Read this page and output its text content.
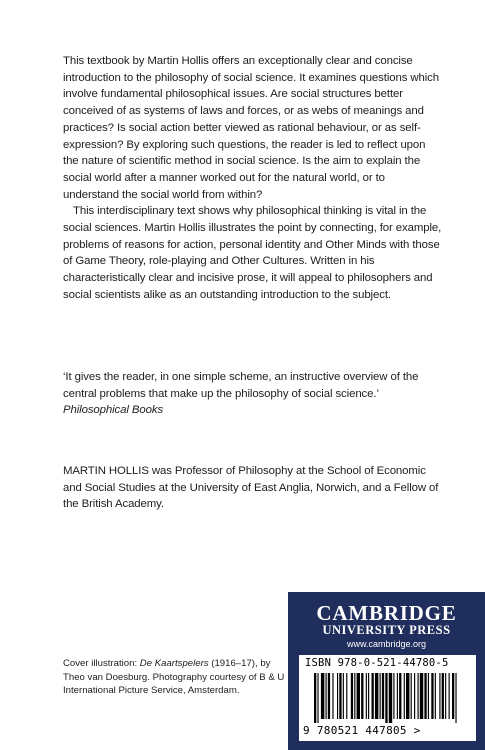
This textbook by Martin Hollis offers an exceptionally clear and concise introduction to the philosophy of social science. It examines questions which involve fundamental philosophical issues. Are social structures better conceived of as systems of laws and forces, or as webs of meanings and practices? Is social action better viewed as rational behaviour, or as self-expression? By exploring such questions, the reader is led to reflect upon the nature of scientific method in social science. Is the aim to explain the social world after a manner worked out for the natural world, or to understand the social world from within?

This interdisciplinary text shows why philosophical thinking is vital in the social sciences. Martin Hollis illustrates the point by connecting, for example, problems of reasons for action, personal identity and Other Minds with those of Game Theory, role-playing and Other Cultures. Written in his characteristically clear and incisive prose, it will appeal to philosophers and social scientists alike as an outstanding introduction to the subject.

‘It gives the reader, in one simple scheme, an instructive overview of the central problems that make up the philosophy of social science.’

Philosophical Books

MARTIN HOLLIS was Professor of Philosophy at the School of Economic and Social Studies at the University of East Anglia, Norwich, and a Fellow of the British Academy.

Cover illustration: De Kaartspelers (1916–17), by Theo van Doesburg. Photography courtesy of B & U International Picture Service, Amsterdam.

CAMBRIDGE
UNIVERSITY PRESS
www.cambridge.org
ISBN 978-0-521-44780-5
9 780521 447805 >
